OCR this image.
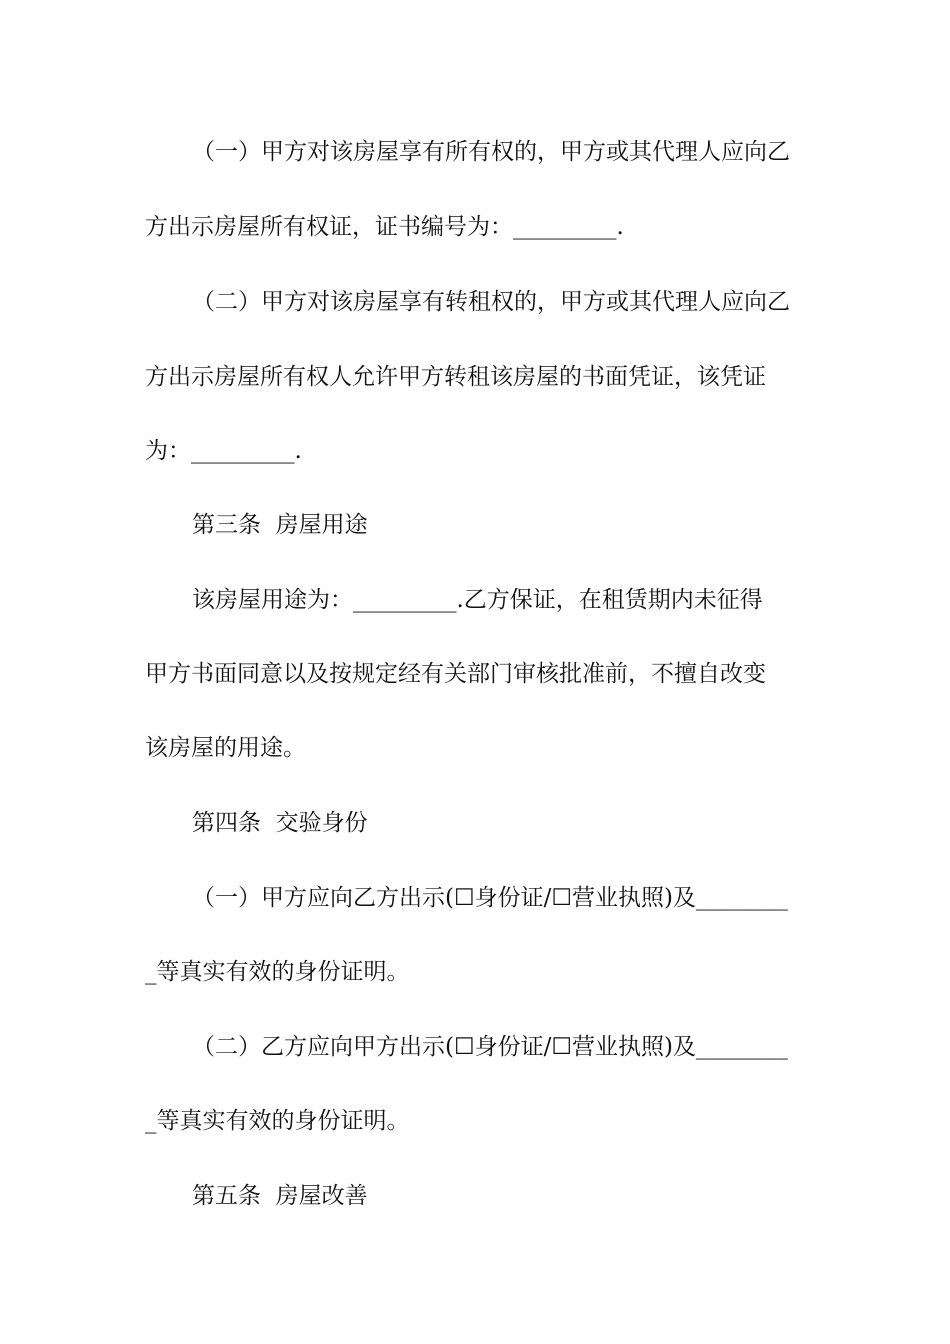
（一）甲方对该房屋享有所有权的，甲方或其代理人应向乙
方出示房屋所有权证，证书编号为：_________.
（二）甲方对该房屋享有转租权的，甲方或其代理人应向乙
方出示房屋所有权人允许甲方转租该房屋的书面凭证，该凭证
为：_________.
第三条  房屋用途
该房屋用途为：_________.乙方保证，在租赁期内未征得
甲方书面同意以及按规定经有关部门审核批准前，不擅自改变
该房屋的用途。
第四条  交验身份
（一）甲方应向乙方出示(☐身份证/☐营业执照)及________
_等真实有效的身份证明。
（二）乙方应向甲方出示(☐身份证/☐营业执照)及________
_等真实有效的身份证明。
第五条  房屋改善
